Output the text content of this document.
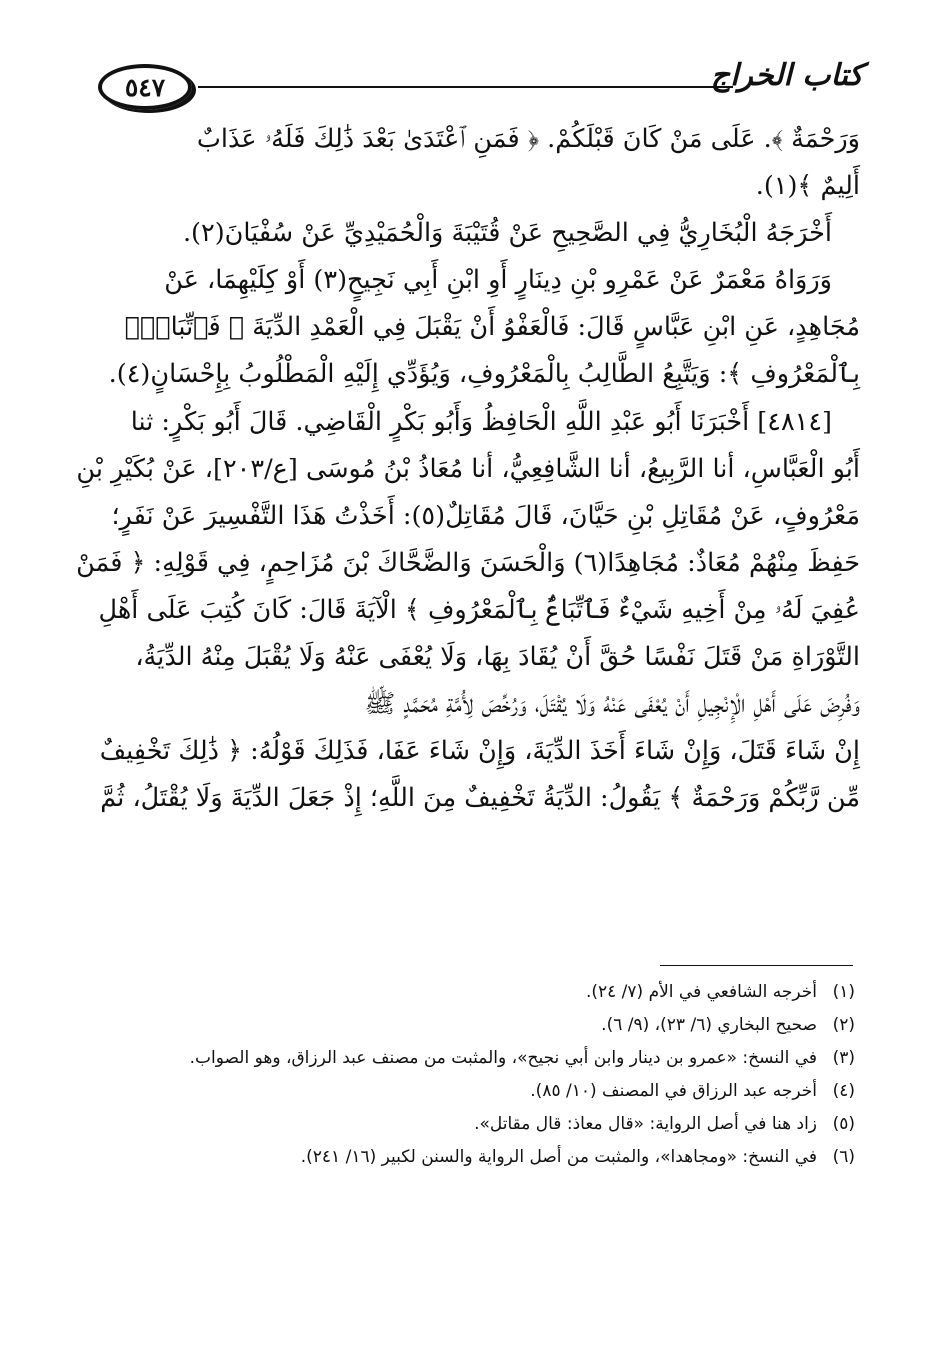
٥٤٧	كتاب الخراج
وَرَحْمَةٌ ﴾. عَلَى مَنْ كَانَ قَبْلَكُمْ. ﴿ فَمَنِ ٱعْتَدَىٰ بَعْدَ ذَٰلِكَ فَلَهُۥ عَذَابٌ
أَلِيمٌ ﴾(١).
أَخْرَجَهُ الْبُخَارِيُّ فِي الصَّحِيحِ عَنْ قُتَيْبَةَ وَالْحُمَيْدِيِّ عَنْ سُفْيَانَ(٢).
وَرَوَاهُ مَعْمَرٌ عَنْ عَمْرِو بْنِ دِينَارٍ أَوِ ابْنِ أَبِي نَجِيحٍ(٣) أَوْ كِلَيْهِمَا، عَنْ
مُجَاهِدٍ، عَنِ ابْنِ عَبَّاسٍ قَالَ: فَالْعَفْوُ أَنْ يَقْبَلَ فِي الْعَمْدِ الدِّيَةَ ﴿ فَٱتِّبَاعٌۢ
بِٱلْمَعْرُوفِ ﴾: وَيَتَّبِعُ الطَّالِبُ بِالْمَعْرُوفِ، وَيُؤَدِّي إِلَيْهِ الْمَطْلُوبُ بِإِحْسَانٍ(٤).
[٤٨١٤] أَخْبَرَنَا أَبُو عَبْدِ اللَّهِ الْحَافِظُ وَأَبُو بَكْرٍ الْقَاضِي. قَالَ أَبُو بَكْرٍ: ثنا
أَبُو الْعَبَّاسِ، أنا الرَّبِيعُ، أنا الشَّافِعِيُّ، أنا مُعَاذُ بْنُ مُوسَى [ع/٢٠٣]، عَنْ بُكَيْرِ بْنِ
مَعْرُوفٍ، عَنْ مُقَاتِلِ بْنِ حَيَّانَ، قَالَ مُقَاتِلٌ(٥): أَخَذْتُ هَذَا التَّفْسِيرَ عَنْ نَفَرٍ؛
حَفِظَ مِنْهُمْ مُعَاذٌ: مُجَاهِدًا(٦) وَالْحَسَنَ وَالضَّحَّاكَ بْنَ مُزَاحِمٍ، فِي قَوْلِهِ: ﴿ فَمَنْ
عُفِيَ لَهُۥ مِنْ أَخِيهِ شَيْءٌ فَٱتِّبَاعٌۢ بِٱلْمَعْرُوفِ ﴾ الْآيَةَ قَالَ: كَانَ كُتِبَ عَلَى أَهْلِ
التَّوْرَاةِ مَنْ قَتَلَ نَفْسًا حُقَّ أَنْ يُقَادَ بِهَا، وَلَا يُعْفَى عَنْهُ وَلَا يُقْبَلَ مِنْهُ الدِّيَةُ،
وَفُرِضَ عَلَى أَهْلِ الْإِنْجِيلِ أَنْ يُعْفَى عَنْهُ وَلَا يُقْتَلَ، وَرُخِّصَ لِأُمَّةِ مُحَمَّدٍ ﷺ
إِنْ شَاءَ قَتَلَ، وَإِنْ شَاءَ أَخَذَ الدِّيَةَ، وَإِنْ شَاءَ عَفَا، فَذَلِكَ قَوْلُهُ: ﴿ ذَٰلِكَ تَخْفِيفٌ
مِّن رَّبِّكُمْ وَرَحْمَةٌ ﴾ يَقُولُ: الدِّيَةُ تَخْفِيفٌ مِنَ اللَّهِ؛ إِذْ جَعَلَ الدِّيَةَ وَلَا يُقْتَلُ، ثُمَّ
(١)
أخرجه الشافعي في الأم (٧/ ٢٤).
(٢)
صحيح البخاري (٦/ ٢٣)، (٩/ ٦).
(٣)
في النسخ: «عمرو بن دينار وابن أبي نجيح»، والمثبت من مصنف عبد الرزاق، وهو الصواب.
(٤)
أخرجه عبد الرزاق في المصنف (١٠/ ٨٥).
(٥)
زاد هنا في أصل الرواية: «قال معاذ: قال مقاتل».
(٦)
في النسخ: «ومجاهدا»، والمثبت من أصل الرواية والسنن لكبير (١٦/ ٢٤١).
